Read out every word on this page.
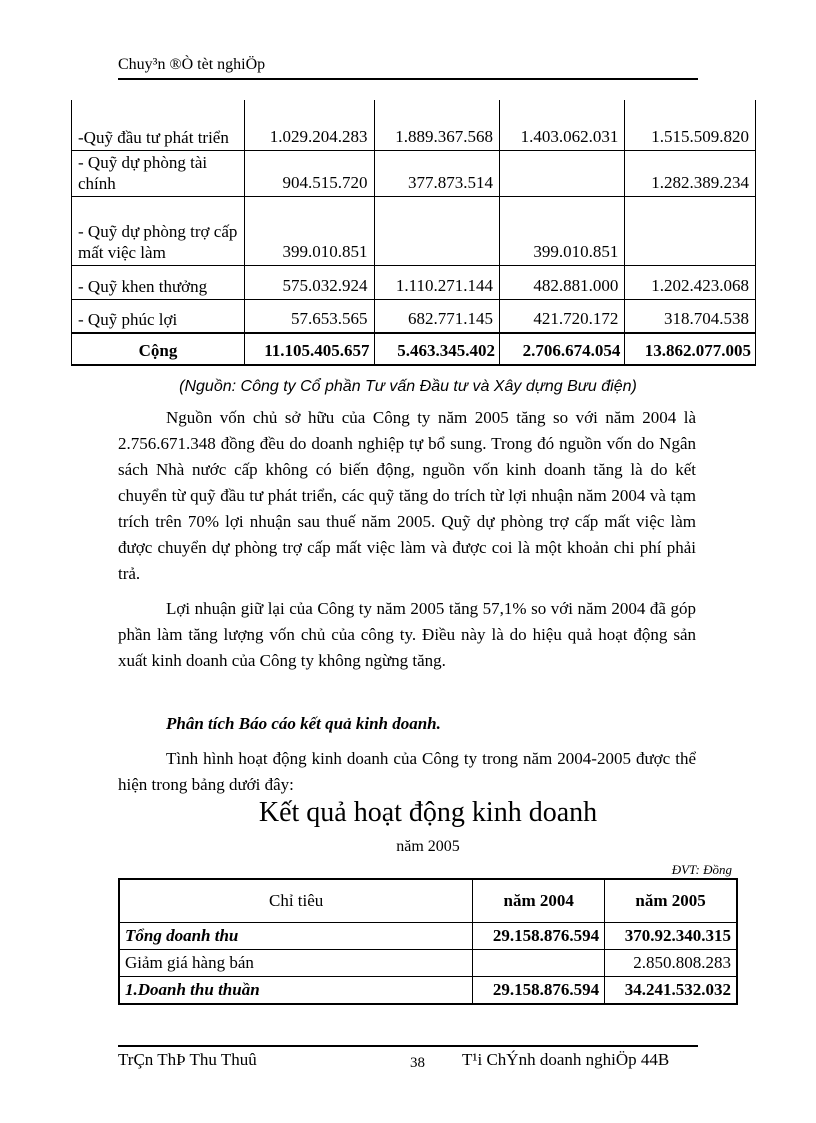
Chuy³n ®Ò tèt nghiÖp
-Quỹ đầu tư phát triển	1.029.204.283	1.889.367.568	1.403.062.031	1.515.509.820
- Quỹ dự phòng tài chính	904.515.720	377.873.514		1.282.389.234
- Quỹ dự phòng trợ cấp mất việc làm	399.010.851		399.010.851	
- Quỹ khen thưởng	575.032.924	1.110.271.144	482.881.000	1.202.423.068
- Quỹ phúc lợi	57.653.565	682.771.145	421.720.172	318.704.538
Cộng	11.105.405.657	5.463.345.402	2.706.674.054	13.862.077.005
(Nguồn: Công ty Cổ phần Tư vấn Đầu tư và Xây dựng Bưu điện)
Nguồn vốn chủ sở hữu của Công ty năm 2005 tăng so với năm 2004 là 2.756.671.348 đồng đều do doanh nghiệp tự bổ sung. Trong đó nguồn vốn do Ngân sách Nhà nước cấp không có biến động, nguồn vốn kinh doanh tăng là do kết chuyển từ quỹ đầu tư phát triển, các quỹ tăng do trích từ lợi nhuận năm 2004 và tạm trích trên 70% lợi nhuận sau thuế năm 2005. Quỹ dự phòng trợ cấp mất việc làm được chuyển dự phòng trợ cấp mất việc làm và được coi là một khoản chi phí phải trả.
Lợi nhuận giữ lại của Công ty năm 2005 tăng 57,1% so với năm 2004 đã góp phần làm tăng lượng vốn chủ của công ty. Điều này là do hiệu quả hoạt động sản xuất kinh doanh của Công ty không ngừng tăng.
Phân tích Báo cáo kết quả kinh doanh.
Tình hình hoạt động kinh doanh của Công ty trong năm 2004-2005 được thể hiện trong bảng dưới đây:
Kết quả hoạt động kinh doanh
năm 2005
ĐVT: Đồng
Chỉ tiêu	năm 2004	năm 2005
Tổng doanh thu	29.158.876.594	370.92.340.315
Giảm giá hàng bán		2.850.808.283
1.Doanh thu thuần	29.158.876.594	34.241.532.032
TrÇn ThÞ Thu Thuû	38 T¹i ChÝnh doanh nghiÖp 44B
